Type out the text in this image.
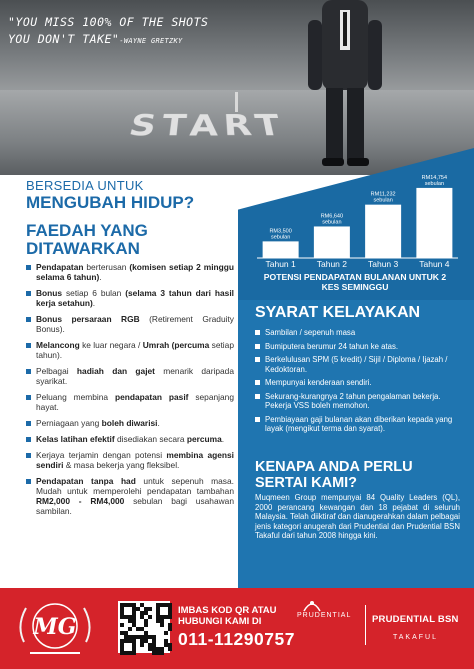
START
"YOU MISS 100% OF THE SHOTS
YOU DON'T TAKE"-WAYNE GRETZKY
BERSEDIA UNTUK
MENGUBAH HIDUP?
FAEDAH YANG DITAWARKAN
Pendapatan berterusan (komisen setiap 2 minggu selama 6 tahun).
Bonus setiap 6 bulan (selama 3 tahun dari hasil kerja setahun).
Bonus persaraan RGB (Retirement Graduity Bonus).
Melancong ke luar negara / Umrah (percuma setiap tahun).
Pelbagai hadiah dan gajet menarik daripada syarikat.
Peluang membina pendapatan pasif sepanjang hayat.
Perniagaan yang boleh diwarisi.
Kelas latihan efektif disediakan secara percuma.
Kerjaya terjamin dengan potensi membina agensi sendiri & masa bekerja yang fleksibel.
Pendapatan tanpa had untuk sepenuh masa. Mudah untuk memperolehi pendapatan tambahan RM2,000 - RM4,000 sebulan bagi usahawan sambilan.
RM3,500
sebulan
Tahun 1
RM6,640
sebulan
Tahun 2
RM11,232
sebulan
Tahun 3
RM14,754
sebulan
Tahun 4
POTENSI PENDAPATAN BULANAN UNTUK 2 KES SEMINGGU
SYARAT KELAYAKAN
Sambilan / sepenuh masa
Bumiputera berumur 24 tahun ke atas.
Berkelulusan SPM (5 kredit) / Sijil / Diploma / Ijazah / Kedoktoran.
Mempunyai kenderaan sendiri.
Sekurang-kurangnya 2 tahun pengalaman bekerja. Pekerja VSS boleh memohon.
Pembiayaan gaji bulanan akan diberikan kepada yang layak (mengikut terma dan syarat).
KENAPA ANDA PERLU SERTAI KAMI?
Muqmeen Group mempunyai 84 Quality Leaders (QL), 2000 perancang kewangan dan 18 pejabat di seluruh Malaysia. Telah diiktiraf dan dianugerahkan dalam pelbagai jenis kategori anugerah dari Prudential dan Prudential BSN Takaful dari tahun 2008 hingga kini.
MG
IMBAS KOD QR ATAU
HUBUNGI KAMI DI
011-11290757
PRUDENTIAL PRUDENTIAL BSN
TAKAFUL
